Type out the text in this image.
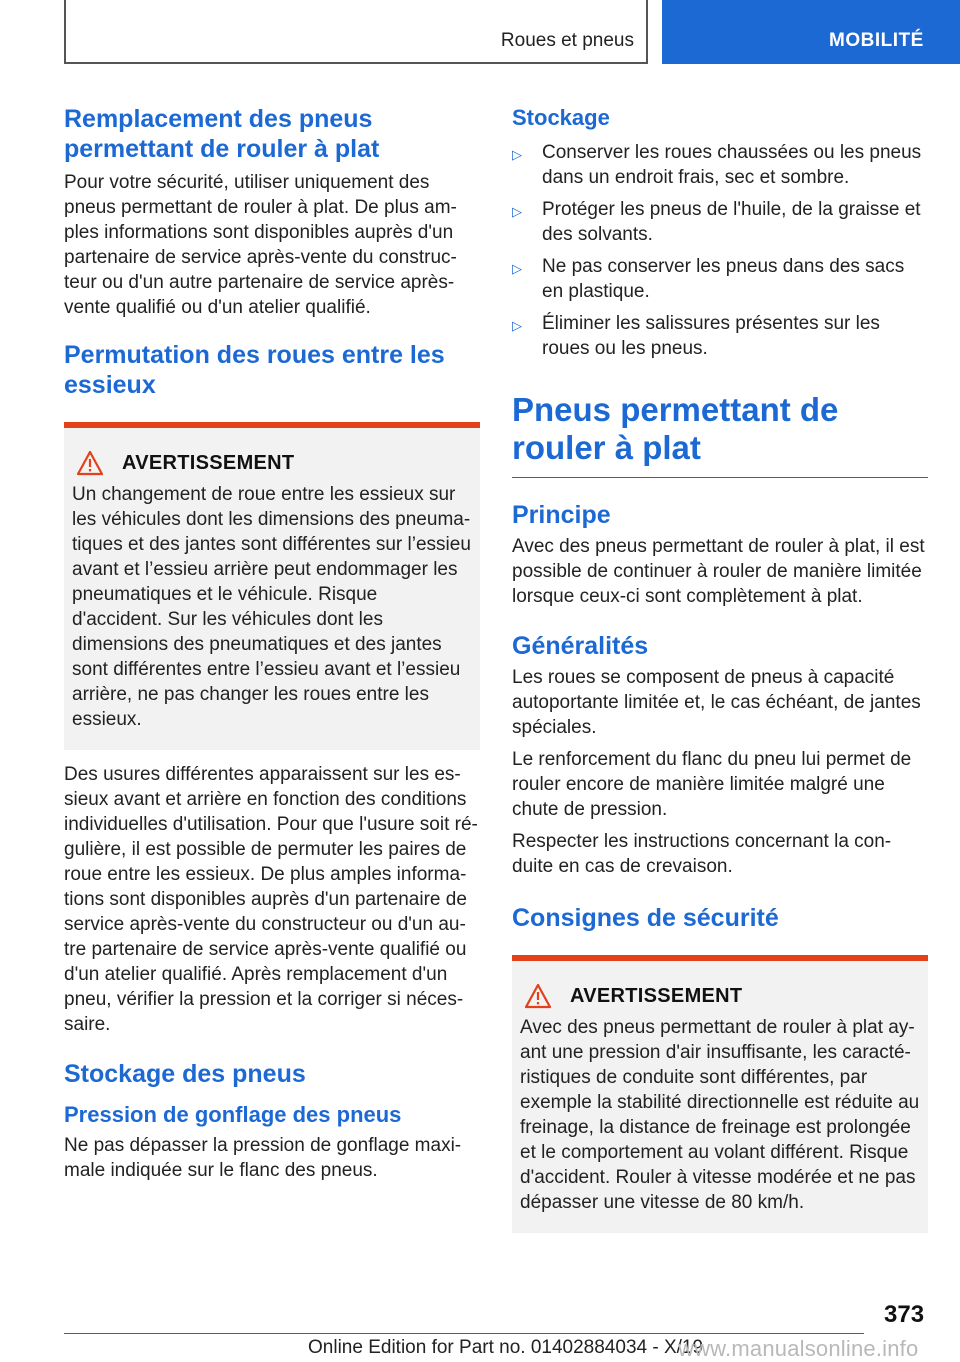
Roues et pneus	MOBILITÉ
Remplacement des pneus permettant de rouler à plat

Pour votre sécurité, utiliser uniquement des pneus permettant de rouler à plat. De plus am-ples informations sont disponibles auprès d'un partenaire de service après-vente du construc-teur ou d'un autre partenaire de service après-vente qualifié ou d'un atelier qualifié.

Permutation des roues entre les essieux
AVERTISSEMENT

Un changement de roue entre les essieux sur les véhicules dont les dimensions des pneuma-tiques et des jantes sont différentes sur l’essieu avant et l’essieu arrière peut endommager les pneumatiques et le véhicule. Risque d'accident. Sur les véhicules dont les dimensions des pneumatiques et des jantes sont différentes entre l’essieu avant et l’essieu arrière, ne pas changer les roues entre les essieux.

Des usures différentes apparaissent sur les es-sieux avant et arrière en fonction des conditions individuelles d'utilisation. Pour que l'usure soit ré-gulière, il est possible de permuter les paires de roue entre les essieux. De plus amples informa-tions sont disponibles auprès d'un partenaire de service après-vente du constructeur ou d'un au-tre partenaire de service après-vente qualifié ou d'un atelier qualifié. Après remplacement d'un pneu, vérifier la pression et la corriger si néces-saire.

Stockage des pneus
Pression de gonflage des pneus

Ne pas dépasser la pression de gonflage maxi-male indiquée sur le flanc des pneus.

Stockage
▷	Conserver les roues chaussées ou les pneus dans un endroit frais, sec et sombre.
▷	Protéger les pneus de l'huile, de la graisse et des solvants.
▷	Ne pas conserver les pneus dans des sacs en plastique.
▷	Éliminer les salissures présentes sur les roues ou les pneus.
Pneus permettant de rouler à plat
Principe

Avec des pneus permettant de rouler à plat, il est possible de continuer à rouler de manière limitée lorsque ceux-ci sont complètement à plat.

Généralités

Les roues se composent de pneus à capacité autoportante limitée et, le cas échéant, de jantes spéciales.

Le renforcement du flanc du pneu lui permet de rouler encore de manière limitée malgré une chute de pression.

Respecter les instructions concernant la con-duite en cas de crevaison.

Consignes de sécurité
AVERTISSEMENT

Avec des pneus permettant de rouler à plat ay-ant une pression d'air insuffisante, les caracté-ristiques de conduite sont différentes, par exemple la stabilité directionnelle est réduite au freinage, la distance de freinage est prolongée et le comportement au volant différent. Risque d'accident. Rouler à vitesse modérée et ne pas dépasser une vitesse de 80 km/h.

373
Online Edition for Part no. 01402884034 - X/19
www.manualsonline.info
